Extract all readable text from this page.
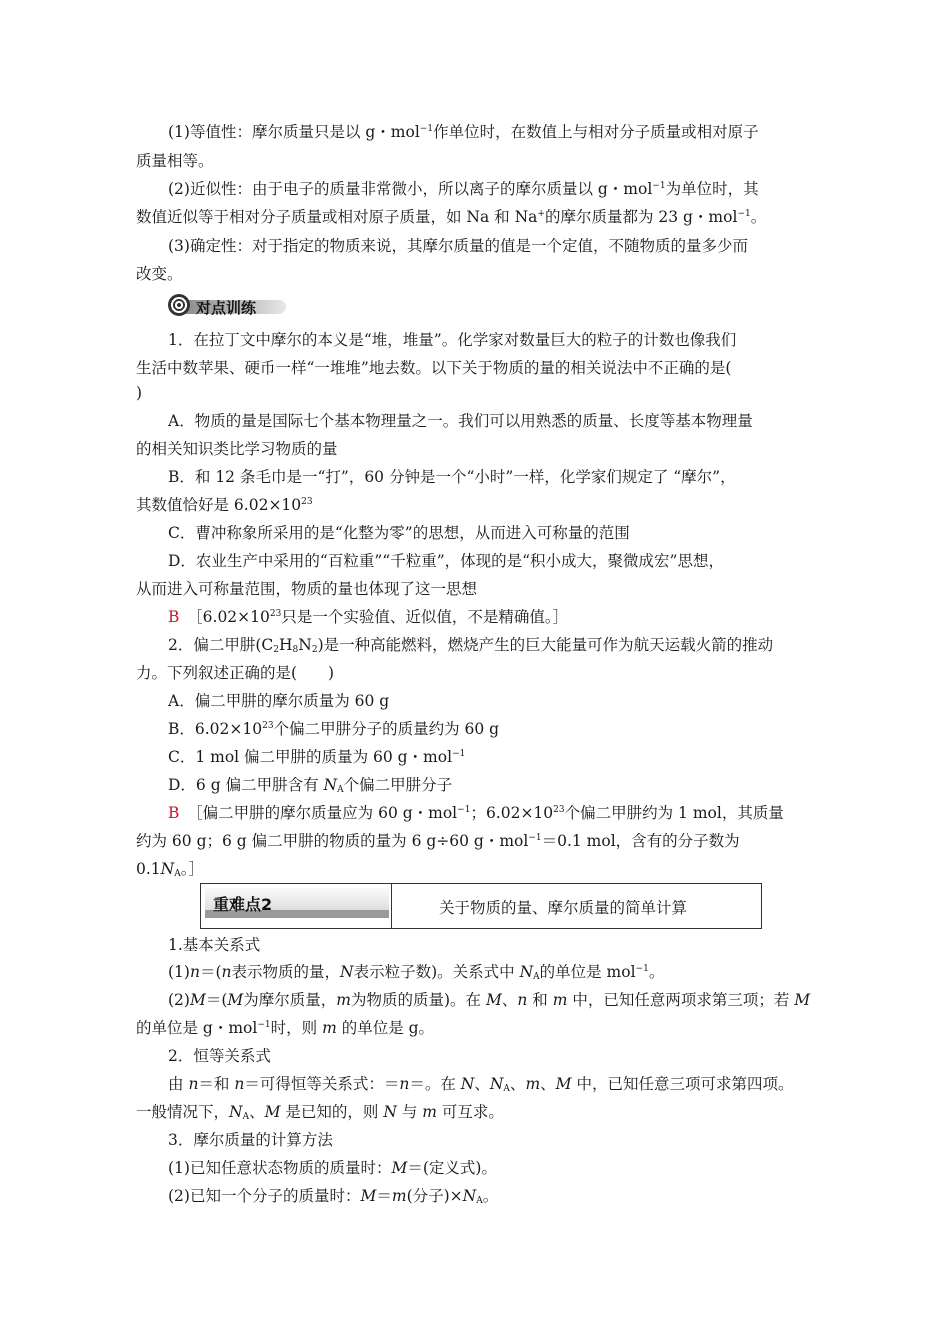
(1)等值性：摩尔质量只是以 g・mol$^{-1}$作单位时，在数值上与相对分子质量或相对原子
质量相等。
(2)近似性：由于电子的质量非常微小，所以离子的摩尔质量以 g・mol$^{-1}$为单位时，其
数值近似等于相对分子质量或相对原子质量，如 Na 和 Na+的摩尔质量都为 23 g・mol$^{-1}$。
(3)确定性：对于指定的物质来说，其摩尔质量的值是一个定值，不随物质的量多少而
改变。
对点训练
1．在拉丁文中摩尔的本义是“堆，堆量”。化学家对数量巨大的粒子的计数也像我们
生活中数苹果、硬币一样“一堆堆”地去数。以下关于物质的量的相关说法中不正确的是(
)
A．物质的量是国际七个基本物理量之一。我们可以用熟悉的质量、长度等基本物理量
的相关知识类比学习物质的量
B．和 12 条毛巾是一“打”，60 分钟是一个“小时”一样，化学家们规定了 “摩尔”，
其数值恰好是 $6.02\times 10^{23}$
C．曹冲称象所采用的是“化整为零”的思想，从而进入可称量的范围
D．农业生产中采用的“百粒重”“千粒重”，体现的是“积小成大，聚微成宏”思想，
从而进入可称量范围，物质的量也体现了这一思想
B　 $[6.02\times 10^{23}$只是一个实验值、近似值，不是精确值。］
2．偏二甲肼$(C_2H_8N_2)$是一种高能燃料，燃烧产生的巨大能量可作为航天运载火箭的推动
力。下列叙述正确的是(　　)
A．偏二甲肼的摩尔质量为 60 g
B．$6.02\times 10^{23}$个偏二甲肼分子的质量约为 60 g
C．1 mol 偏二甲肼的质量为 60 g・mol$^{-1}$
D．6 g 偏二甲肼含有 $N_A$个偏二甲肼分子
B　 ［偏二甲肼的摩尔质量应为 60 g・mol$^{-1}$；$6.02\times 10^{23}$个偏二甲肼约为 1 mol，其质量
约为 60 g；6 g 偏二甲肼的物质的量为 6 g÷60 g・mol$^{-1}$＝0.1 mol，含有的分子数为
$0.1N_A$。］
重难点2	关于物质的量、摩尔质量的简单计算
1.基本关系式
(1)n＝(n表示物质的量，N表示粒子数)。关系式中 $N_A$的单位是 mol$^{-1}$。
(2)M＝(M为摩尔质量，m为物质的质量)。在 M、n 和 m 中，已知任意两项求第三项；若 M
的单位是 g・mol$^{-1}$时，则 m 的单位是 g。
2．恒等关系式
由 n＝和 n＝可得恒等关系式：＝n＝。在 N、$N_A$、m、M 中，已知任意三项可求第四项。
一般情况下，$N_A$、M 是已知的，则 N 与 m 可互求。
3．摩尔质量的计算方法
(1)已知任意状态物质的质量时：M＝(定义式)。
(2)已知一个分子的质量时：M＝m(分子)$\times N_A$。
